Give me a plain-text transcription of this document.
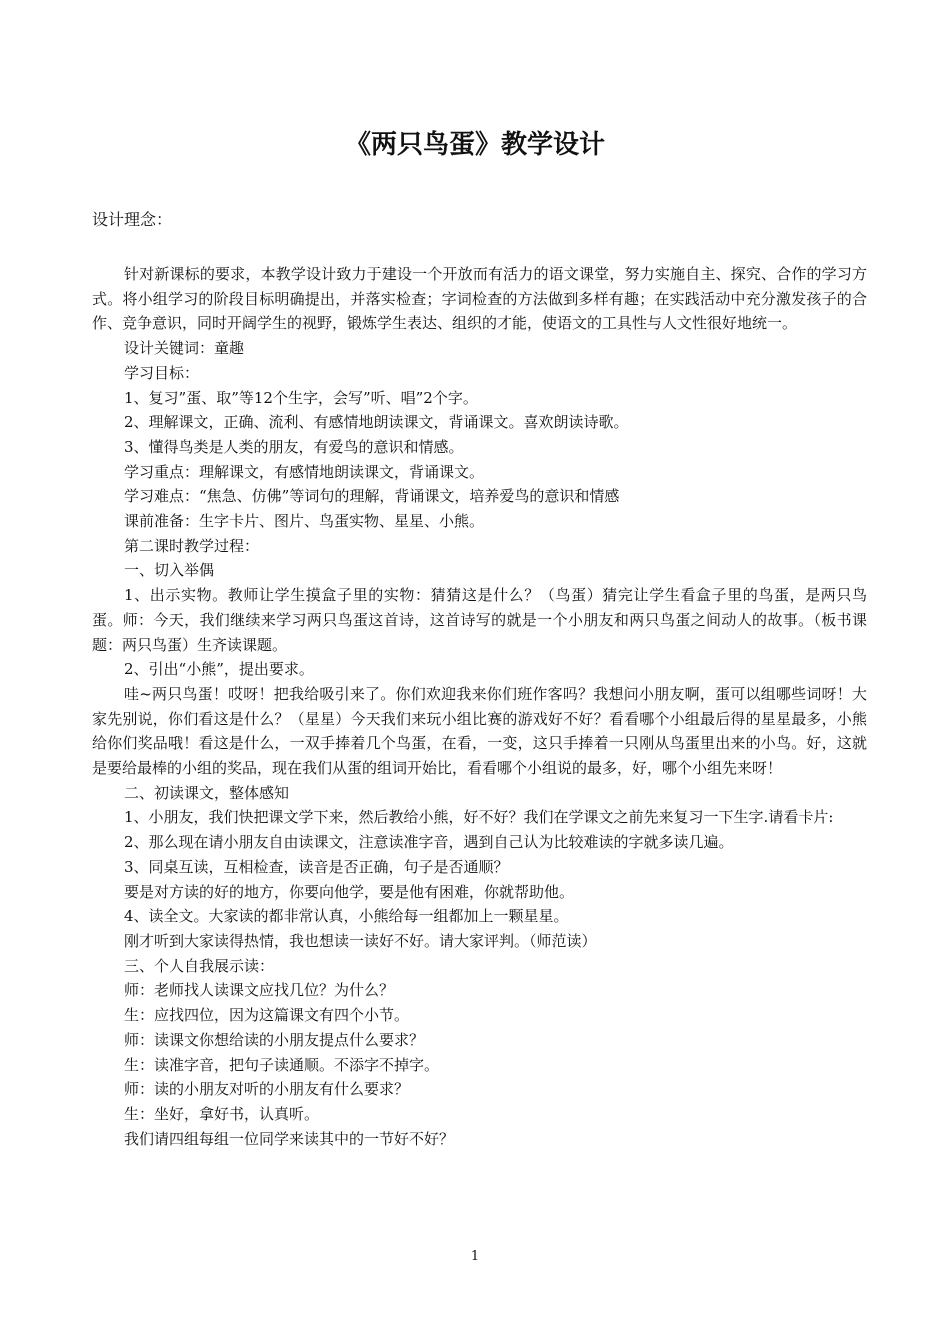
《两只鸟蛋》教学设计
设计理念：

针对新课标的要求，本教学设计致力于建设一个开放而有活力的语文课堂，努力实施自主、探究、合作的学习方式。将小组学习的阶段目标明确提出，并落实检查；字词检查的方法做到多样有趣；在实践活动中充分激发孩子的合作、竞争意识，同时开阔学生的视野，锻炼学生表达、组织的才能，使语文的工具性与人文性很好地统一。

设计关键词：童趣

学习目标：

1、复习”蛋、取”等12个生字，会写”听、唱”2个字。

2、理解课文，正确、流利、有感情地朗读课文，背诵课文。喜欢朗读诗歌。

3、懂得鸟类是人类的朋友，有爱鸟的意识和情感。

学习重点：理解课文，有感情地朗读课文，背诵课文。

学习难点：“焦急、仿佛”等词句的理解，背诵课文，培养爱鸟的意识和情感

课前准备：生字卡片、图片、鸟蛋实物、星星、小熊。

第二课时教学过程：

一、切入举偶

1、出示实物。教师让学生摸盒子里的实物：猜猜这是什么？（鸟蛋）猜完让学生看盒子里的鸟蛋，是两只鸟蛋。师：今天，我们继续来学习两只鸟蛋这首诗，这首诗写的就是一个小朋友和两只鸟蛋之间动人的故事。（板书课题：两只鸟蛋）生齐读课题。

2、引出“小熊”，提出要求。

哇~两只鸟蛋！哎呀！把我给吸引来了。你们欢迎我来你们班作客吗？我想问小朋友啊，蛋可以组哪些词呀！大家先别说，你们看这是什么？（星星）今天我们来玩小组比赛的游戏好不好？看看哪个小组最后得的星星最多，小熊给你们奖品哦！看这是什么，一双手捧着几个鸟蛋，在看，一变，这只手捧着一只刚从鸟蛋里出来的小鸟。好，这就是要给最棒的小组的奖品，现在我们从蛋的组词开始比，看看哪个小组说的最多，好，哪个小组先来呀！

二、初读课文，整体感知

1、小朋友，我们快把课文学下来，然后教给小熊，好不好？我们在学课文之前先来复习一下生字.请看卡片:

2、那么现在请小朋友自由读课文，注意读准字音，遇到自己认为比较难读的字就多读几遍。

3、同桌互读，互相检查，读音是否正确，句子是否通顺？

要是对方读的好的地方，你要向他学，要是他有困难，你就帮助他。

4、读全文。大家读的都非常认真，小熊给每一组都加上一颗星星。

刚才听到大家读得热情，我也想读一读好不好。请大家评判。（师范读）

三、个人自我展示读：

师：老师找人读课文应找几位？为什么？

生：应找四位，因为这篇课文有四个小节。

师：读课文你想给读的小朋友提点什么要求？

生：读准字音，把句子读通顺。不添字不掉字。

师：读的小朋友对听的小朋友有什么要求？

生：坐好，拿好书，认真听。

我们请四组每组一位同学来读其中的一节好不好？

1
